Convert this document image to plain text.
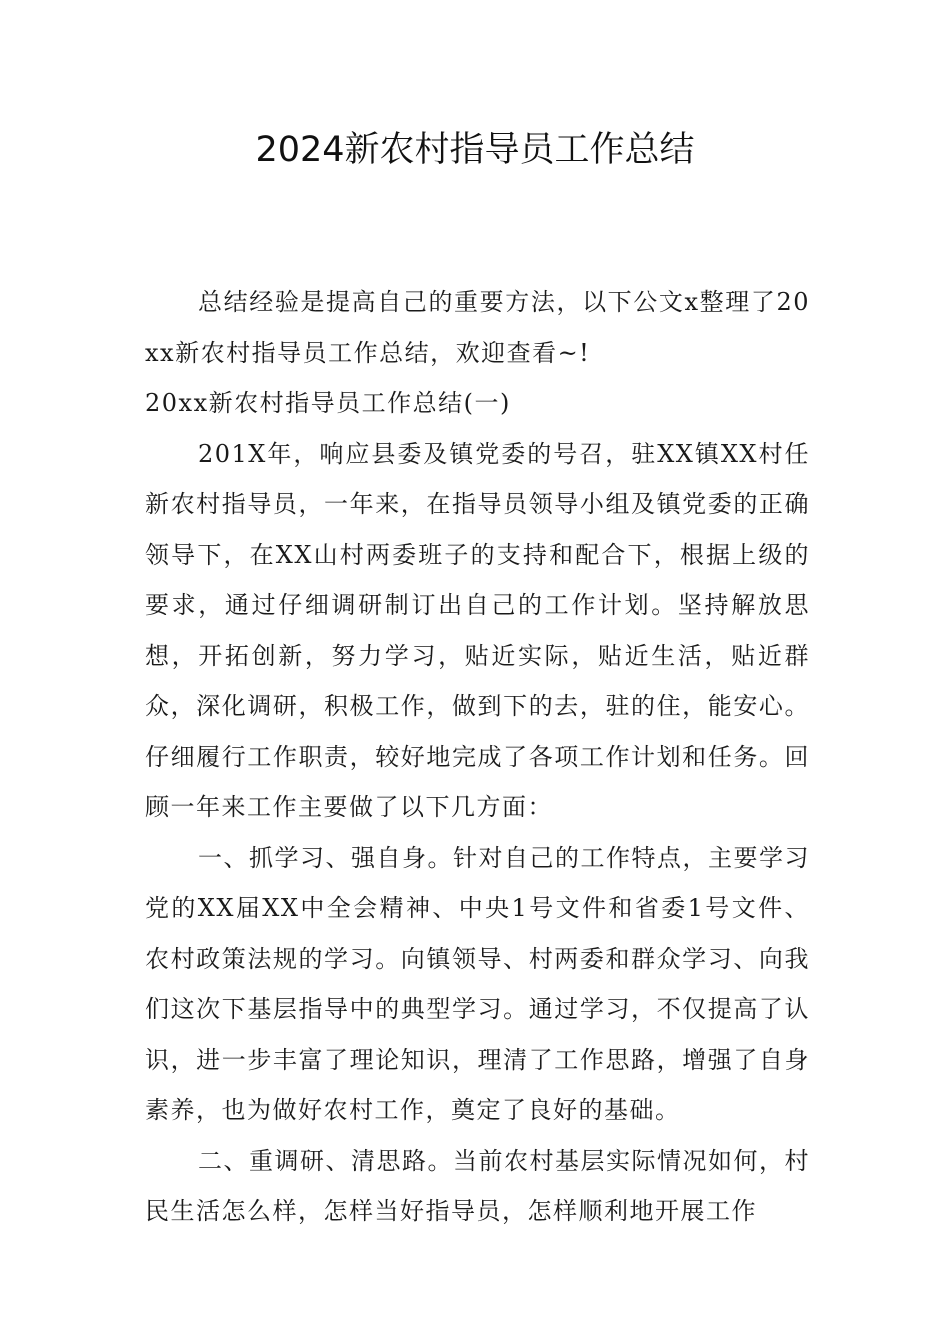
2024新农村指导员工作总结

总结经验是提高自己的重要方法，以下公文x整理了20xx新农村指导员工作总结，欢迎查看~!

20xx新农村指导员工作总结(一)

201X年，响应县委及镇党委的号召，驻XX镇XX村任新农村指导员，一年来，在指导员领导小组及镇党委的正确领导下，在XX山村两委班子的支持和配合下，根据上级的要求，通过仔细调研制订出自己的工作计划。坚持解放思想，开拓创新，努力学习，贴近实际，贴近生活，贴近群众，深化调研，积极工作，做到下的去，驻的住，能安心。仔细履行工作职责，较好地完成了各项工作计划和任务。回顾一年来工作主要做了以下几方面：

一、抓学习、强自身。针对自己的工作特点，主要学习党的XX届XX中全会精神、中央1号文件和省委1号文件、农村政策法规的学习。向镇领导、村两委和群众学习、向我们这次下基层指导中的典型学习。通过学习，不仅提高了认识，进一步丰富了理论知识，理清了工作思路，增强了自身素养，也为做好农村工作，奠定了良好的基础。

二、重调研、清思路。当前农村基层实际情况如何，村民生活怎么样，怎样当好指导员，怎样顺利地开展工作
